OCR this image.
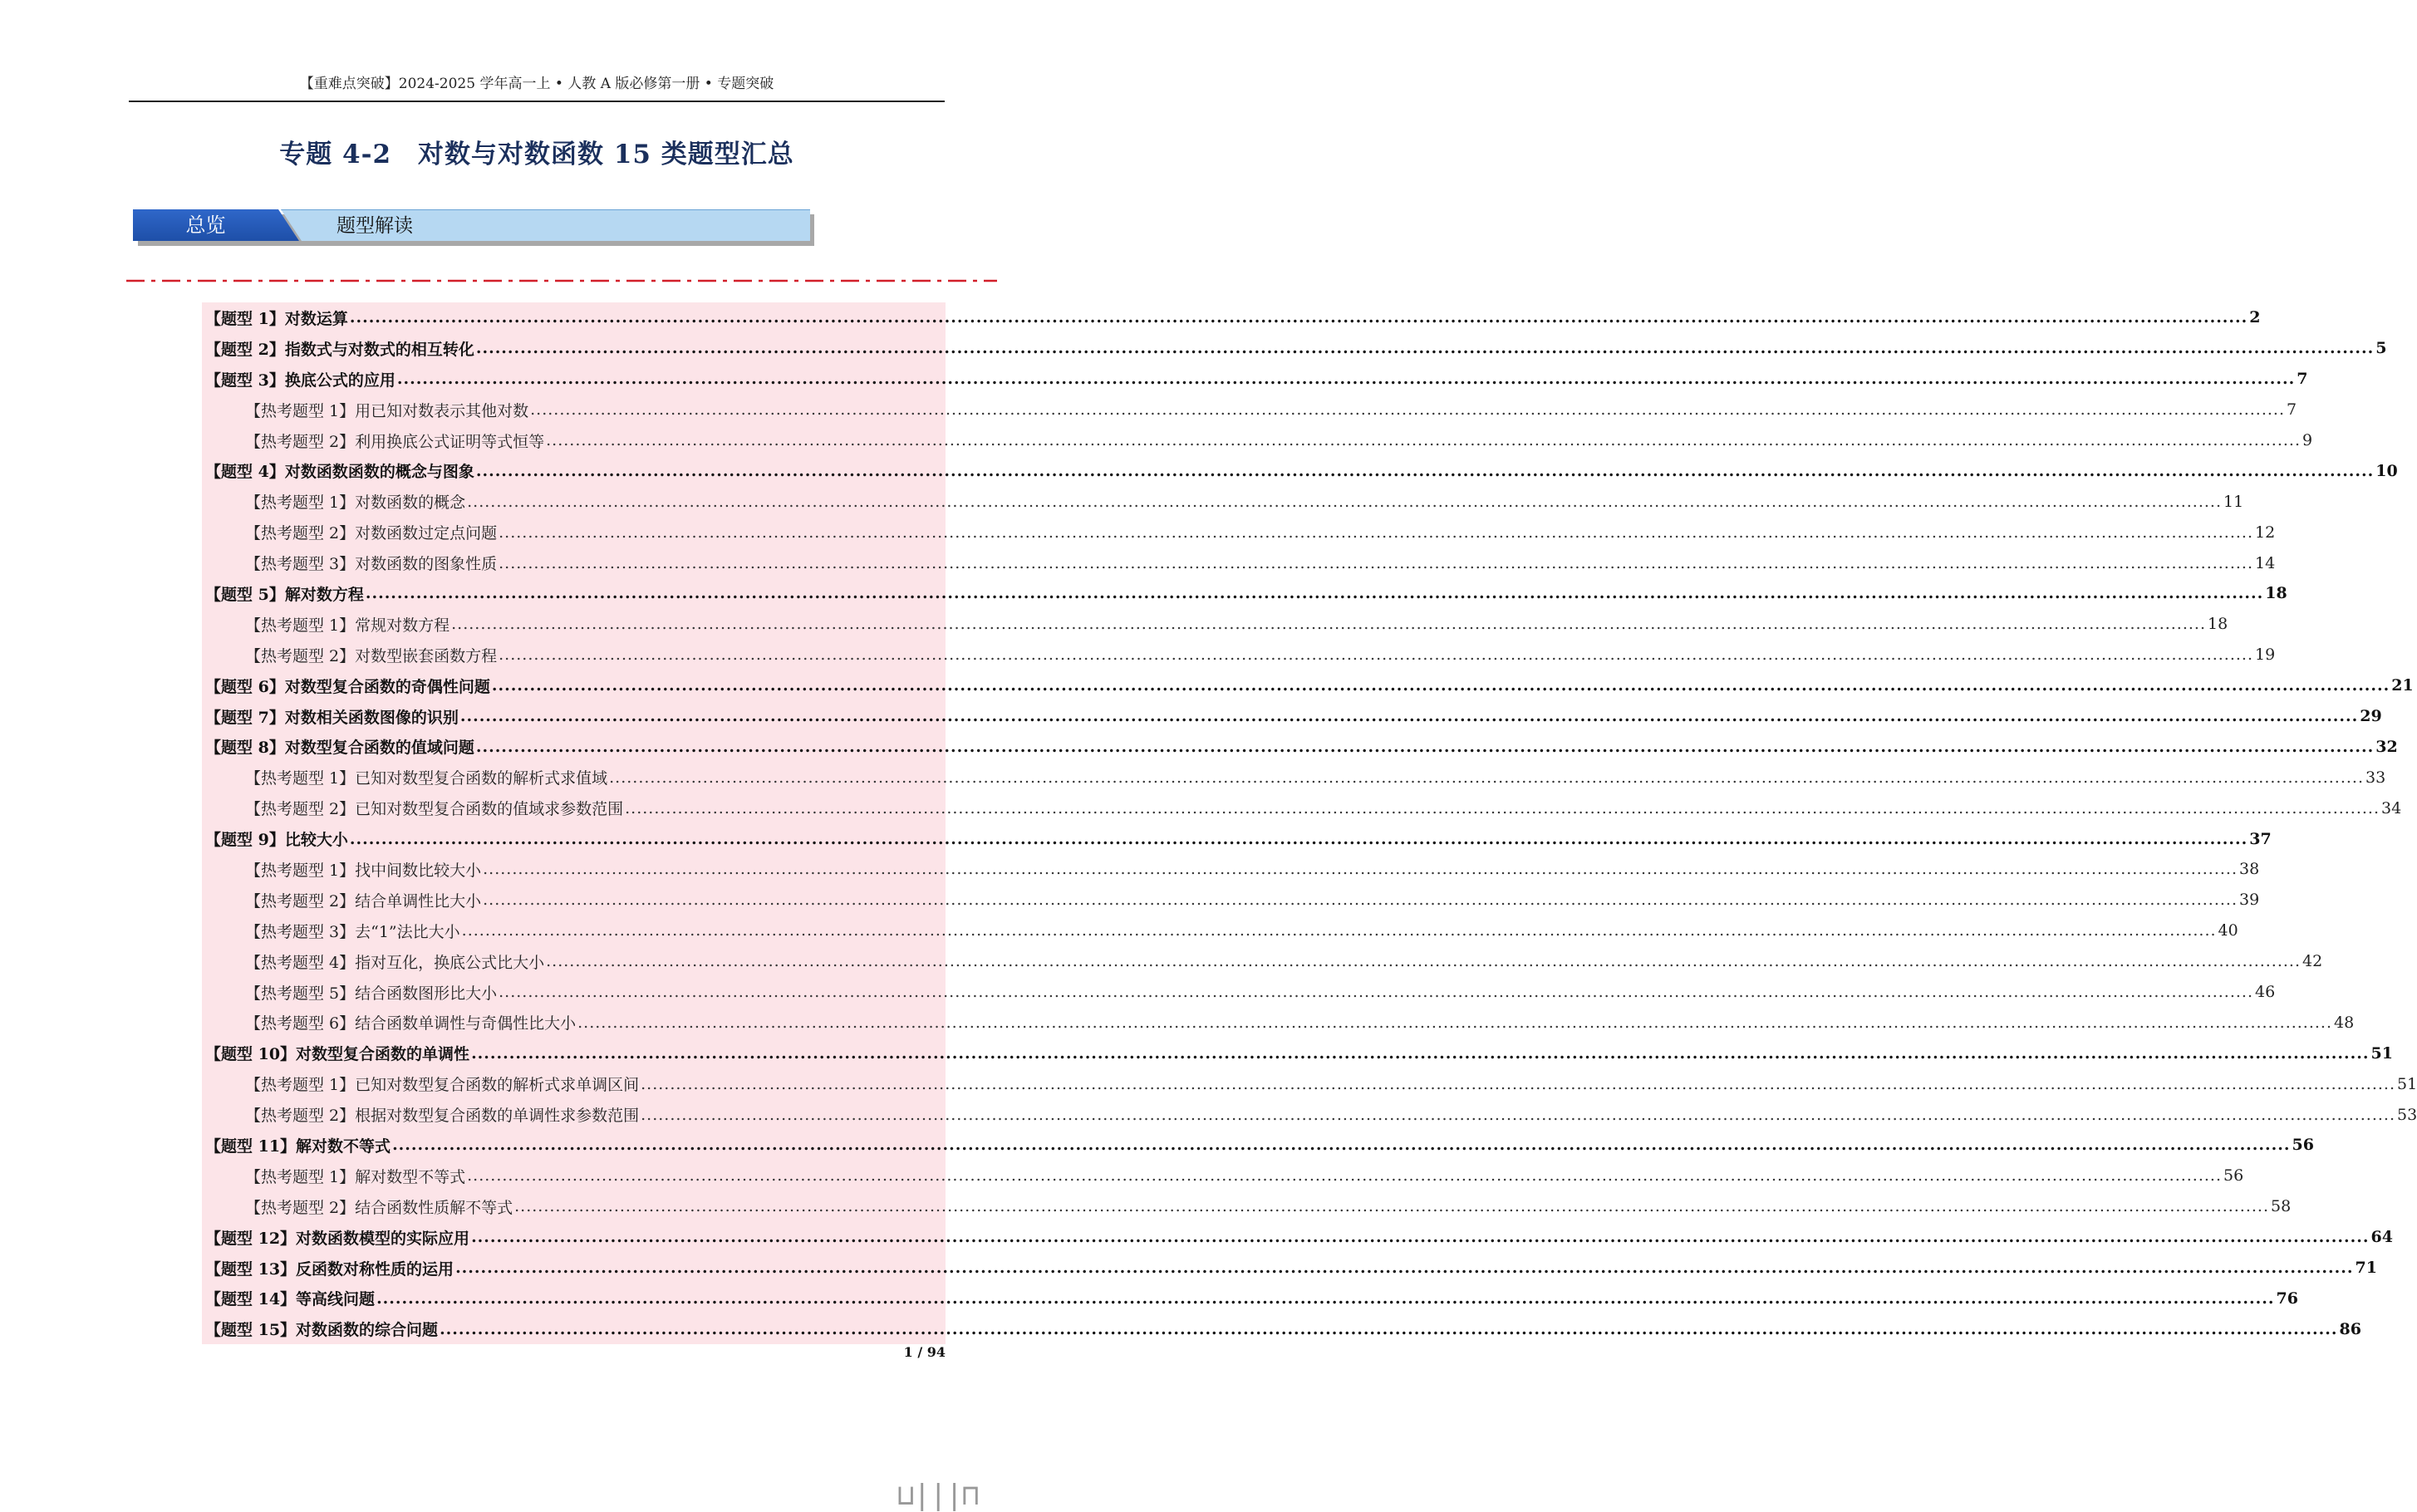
【重难点突破】2024-2025 学年高一上 • 人教 A 版必修第一册 • 专题突破
专题 4-2　对数与对数函数 15 类题型汇总
总览	题型解读
【题型 1】对数运算 ............................................................................................................................................................................................................................................................................................................ 2
【题型 2】指数式与对数式的相互转化 ............................................................................................................................................................................................................................................................................................................ 5
【题型 3】换底公式的应用 ............................................................................................................................................................................................................................................................................................................ 7
【热考题型 1】用已知对数表示其他对数 ............................................................................................................................................................................................................................................................................................................ 7
【热考题型 2】利用换底公式证明等式恒等 ............................................................................................................................................................................................................................................................................................................ 9
【题型 4】对数函数函数的概念与图象 ............................................................................................................................................................................................................................................................................................................ 10
【热考题型 1】对数函数的概念 ............................................................................................................................................................................................................................................................................................................ 11
【热考题型 2】对数函数过定点问题 ............................................................................................................................................................................................................................................................................................................ 12
【热考题型 3】对数函数的图象性质 ............................................................................................................................................................................................................................................................................................................ 14
【题型 5】解对数方程 ............................................................................................................................................................................................................................................................................................................ 18
【热考题型 1】常规对数方程 ............................................................................................................................................................................................................................................................................................................ 18
【热考题型 2】对数型嵌套函数方程 ............................................................................................................................................................................................................................................................................................................ 19
【题型 6】对数型复合函数的奇偶性问题 ............................................................................................................................................................................................................................................................................................................ 21
【题型 7】对数相关函数图像的识别 ............................................................................................................................................................................................................................................................................................................ 29
【题型 8】对数型复合函数的值域问题 ............................................................................................................................................................................................................................................................................................................ 32
【热考题型 1】已知对数型复合函数的解析式求值域 ............................................................................................................................................................................................................................................................................................................ 33
【热考题型 2】已知对数型复合函数的值域求参数范围 ............................................................................................................................................................................................................................................................................................................ 34
【题型 9】比较大小 ............................................................................................................................................................................................................................................................................................................ 37
【热考题型 1】找中间数比较大小 ............................................................................................................................................................................................................................................................................................................ 38
【热考题型 2】结合单调性比大小 ............................................................................................................................................................................................................................................................................................................ 39
【热考题型 3】去“1”法比大小 ............................................................................................................................................................................................................................................................................................................ 40
【热考题型 4】指对互化，换底公式比大小 ............................................................................................................................................................................................................................................................................................................ 42
【热考题型 5】结合函数图形比大小 ............................................................................................................................................................................................................................................................................................................ 46
【热考题型 6】结合函数单调性与奇偶性比大小 ............................................................................................................................................................................................................................................................................................................ 48
【题型 10】对数型复合函数的单调性 ............................................................................................................................................................................................................................................................................................................ 51
【热考题型 1】已知对数型复合函数的解析式求单调区间 ............................................................................................................................................................................................................................................................................................................ 51
【热考题型 2】根据对数型复合函数的单调性求参数范围 ............................................................................................................................................................................................................................................................................................................ 53
【题型 11】解对数不等式 ............................................................................................................................................................................................................................................................................................................ 56
【热考题型 1】解对数型不等式 ............................................................................................................................................................................................................................................................................................................ 56
【热考题型 2】结合函数性质解不等式 ............................................................................................................................................................................................................................................................................................................ 58
【题型 12】对数函数模型的实际应用 ............................................................................................................................................................................................................................................................................................................ 64
【题型 13】反函数对称性质的运用 ............................................................................................................................................................................................................................................................................................................ 71
【题型 14】等高线问题 ............................................................................................................................................................................................................................................................................................................ 76
【题型 15】对数函数的综合问题 ............................................................................................................................................................................................................................................................................................................ 86
1 / 94
⊔|||⊓
